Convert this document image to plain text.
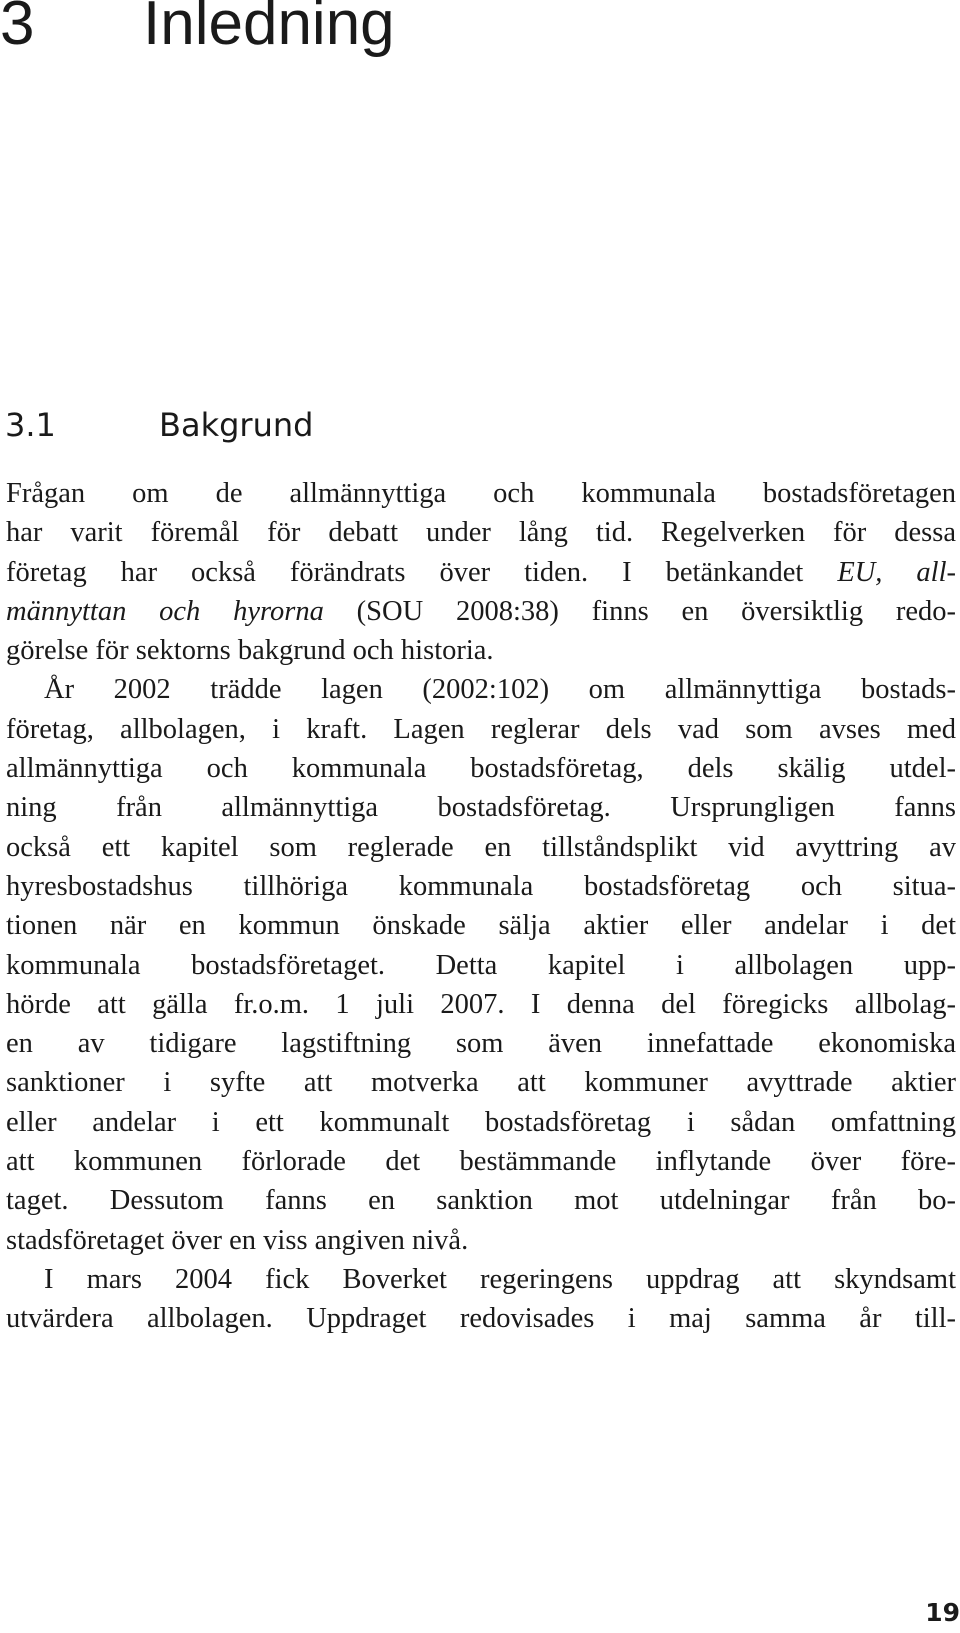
3 Inledning
3.1	Bakgrund
Frågan om de allmännyttiga och kommunala bostadsföretagen
har varit föremål för debatt under lång tid. Regelverken för dessa
företag har också förändrats över tiden. I betänkandet EU, all-
männyttan och hyrorna (SOU 2008:38) finns en översiktlig redo-
görelse för sektorns bakgrund och historia.
År 2002 trädde lagen (2002:102) om allmännyttiga bostads-
företag, allbolagen, i kraft. Lagen reglerar dels vad som avses med
allmännyttiga och kommunala bostadsföretag, dels skälig utdel-
ning från allmännyttiga bostadsföretag. Ursprungligen fanns
också ett kapitel som reglerade en tillståndsplikt vid avyttring av
hyresbostadshus tillhöriga kommunala bostadsföretag och situa-
tionen när en kommun önskade sälja aktier eller andelar i det
kommunala bostadsföretaget. Detta kapitel i allbolagen upp-
hörde att gälla fr.o.m. 1 juli 2007. I denna del föregicks allbolag-
en av tidigare lagstiftning som även innefattade ekonomiska
sanktioner i syfte att motverka att kommuner avyttrade aktier
eller andelar i ett kommunalt bostadsföretag i sådan omfattning
att kommunen förlorade det bestämmande inflytande över före-
taget. Dessutom fanns en sanktion mot utdelningar från bo-
stadsföretaget över en viss angiven nivå.
I mars 2004 fick Boverket regeringens uppdrag att skyndsamt
utvärdera allbolagen. Uppdraget redovisades i maj samma år till-
19
